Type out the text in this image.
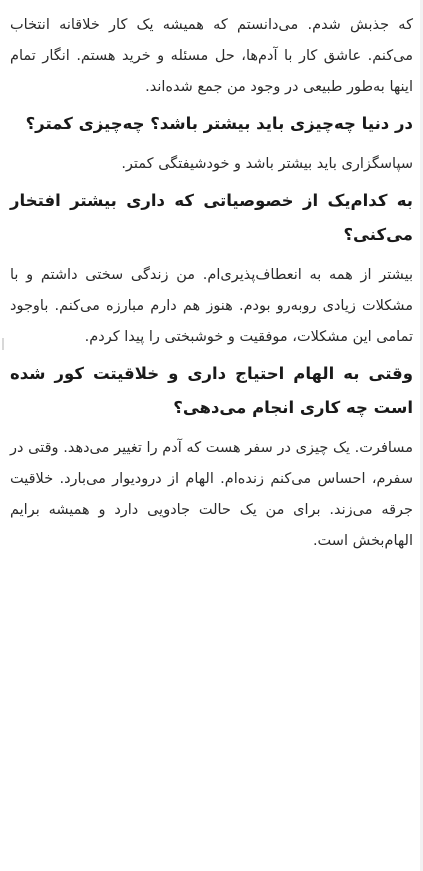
که جذبش شدم. می‌دانستم که همیشه یک کار خلاقانه انتخاب می‌کنم. عاشق کار با آدم‌ها، حل مسئله و خرید هستم. انگار تمام اینها به‌طور طبیعی در وجود من جمع شده‌اند.

در دنیا چه‌چیزی باید بیشتر باشد؟ چه‌چیزی کمتر؟

سپاسگزاری باید بیشتر باشد و خودشیفتگی کمتر.

به کدام‌یک از خصوصیاتی که داری بیشتر افتخار می‌کنی؟

بیشتر از همه به انعطاف‌پذیری‌ام. من زندگی سختی داشتم و با مشکلات زیادی روبه‌رو بودم. هنوز هم دارم مبارزه می‌کنم. باوجود تمامی این مشکلات، موفقیت و خوشبختی را پیدا کردم.

وقتی به الهام احتیاج داری و خلاقیتت کور شده است چه کاری انجام می‌دهی؟

مسافرت. یک چیزی در سفر هست که آدم را تغییر می‌دهد. وقتی در سفرم، احساس می‌کنم زنده‌ام. الهام از درودیوار می‌بارد. خلاقیت جرقه می‌زند. برای من یک حالت جادویی دارد و همیشه برایم الهام‌بخش است.
